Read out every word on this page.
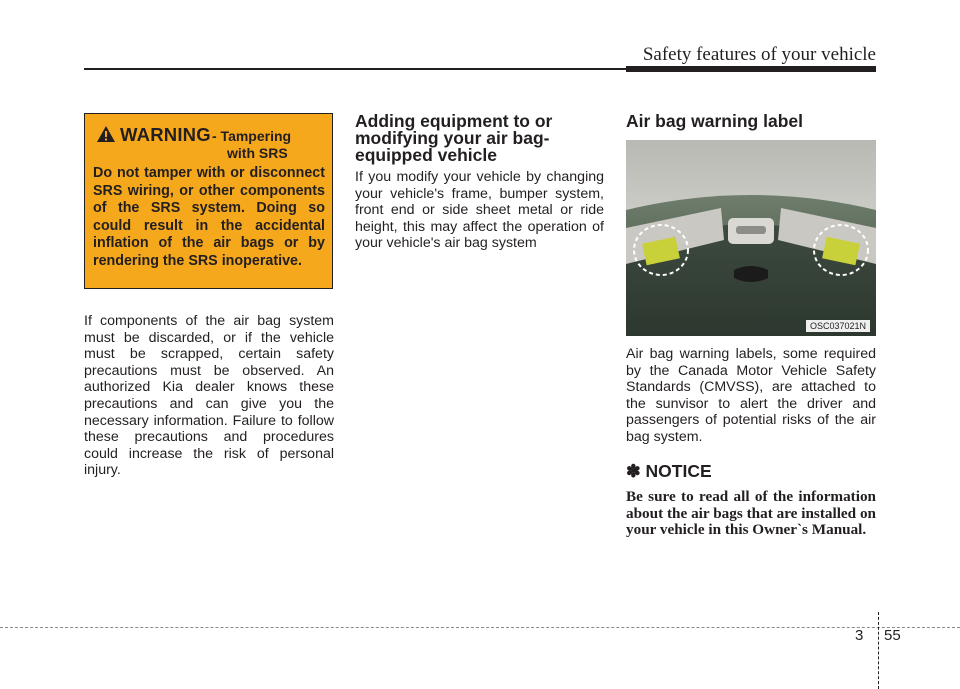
Safety features of your vehicle
WARNING - Tampering
with SRS
Do not tamper with or disconnect SRS wiring, or other components of the SRS system. Doing so could result in the accidental inflation of the air bags or by rendering the SRS inoperative.
If components of the air bag system must be discarded, or if the vehicle must be scrapped, certain safety precautions must be observed. An authorized Kia dealer knows these precautions and can give you the necessary information. Failure to follow these precautions and procedures could increase the risk of personal injury.
Adding equipment to or modifying your air bag-equipped vehicle
If you modify your vehicle by changing your vehicle's frame, bumper system, front end or side sheet metal or ride height, this may affect the operation of your vehicle's air bag system
Air bag warning label
OSC037021N
Air bag warning labels, some required by the Canada Motor Vehicle Safety Standards (CMVSS), are attached to the sunvisor to alert the driver and passengers of potential risks of the air bag system.
✽ NOTICE
Be sure to read all of the information about the air bags that are installed on your vehicle in this Owner`s Manual.
3 55
